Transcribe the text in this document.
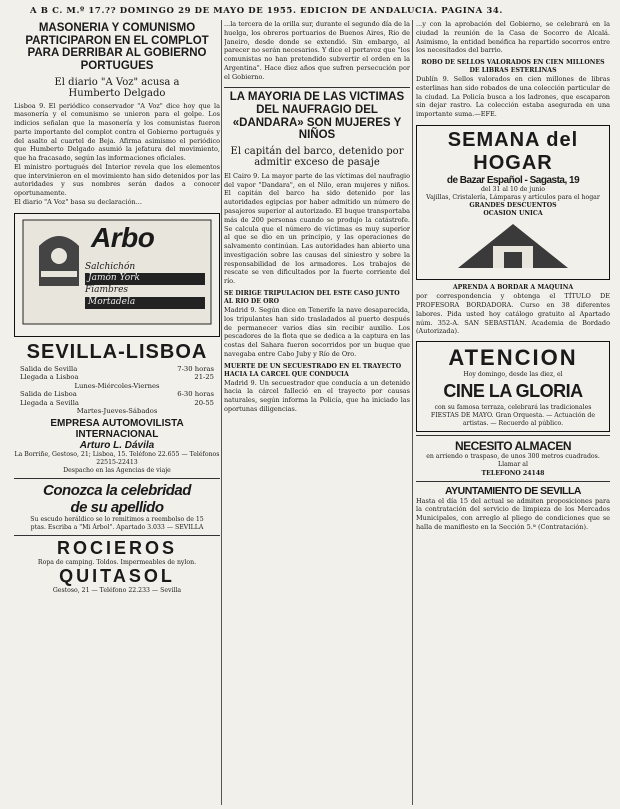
A B C. M.º 17.?? DOMINGO 29 DE MAYO DE 1955. EDICION DE ANDALUCIA. PAGINA 34.
MASONERIA Y COMUNISMO PARTICIPARON EN EL COMPLOT PARA DERRIBAR AL GOBIERNO PORTUGUES
El diario "A Voz" acusa a
Humberto Delgado
Lisboa 9. El periódico conservador "A Voz" dice hoy que la masonería y el comunismo se unieron para el golpe. Los indicios señalan que la masonería y los comunistas fueron parte importante del complot contra el Gobierno portugués y del asalto al cuartel de Beja. Afirma asimismo el periódico que Humberto Delgado asumió la jefatura del movimiento, que ha fracasado, según las informaciones oficiales.
El ministro portugués del Interior revela que los elementos que intervinieron en el movimiento han sido detenidos por las autoridades y sus nombres serán dados a conocer oportunamente.
El diario "A Voz" basa su declaración...
Arbo
Salchichón
Jamón York
Fiambres
Mortadela
SEVILLA-LISBOA
Salida de Sevilla	7-30 horas
Llegada a Lisboa	21-25
Lunes-Miércoles-Viernes
Salida de Lisboa	6-30 horas
Llegada a Sevilla	20-55
Martes-Jueves-Sábados
EMPRESA AUTOMOVILISTA
INTERNACIONAL
Arturo L. Dávila
La Borriñe, Gestoso, 21; Lisboa, 15. Teléfono 22.655 — Teléfonos 22515-22413
Despacho en las Agencias de viaje
Conozca la celebridad
de su apellido
Su escudo heráldico se lo remitimos a reembolso de 15 ptas. Escriba a "Mi Árbol". Apartado 3.033 — SEVILLA
ROCIEROS
Ropa de camping. Toldos. Impermeables de nylon.
QUITASOL
Gestoso, 21 — Teléfono 22.233 — Sevilla
...la tercera de la orilla sur, durante el segundo día de la huelga, los obreros portuarios de Buenos Aires, Rio de Janeiro, desde donde se extendió. Sin embargo, al parecer no serán necesarios. Y dice el portavoz que "los comunistas no han pretendido subvertir el orden en la Argentina". Hace diez años que sufren persecución por el Gobierno.
LA MAYORIA DE LAS VICTIMAS DEL NAUFRAGIO DEL «DANDARA» SON MUJERES Y NIÑOS
El capitán del barco, detenido por admitir exceso de pasaje
El Cairo 9. La mayor parte de las víctimas del naufragio del vapor "Dandara", en el Nilo, eran mujeres y niños. El capitán del barco ha sido detenido por las autoridades egipcias por haber admitido un número de pasajeros superior al autorizado. El buque transportaba más de 200 personas cuando se produjo la catástrofe. Se calcula que el número de víctimas es muy superior al que se dio en un principio, y las operaciones de salvamento continúan. Las autoridades han abierto una investigación sobre las causas del siniestro y sobre la responsabilidad de los armadores. Los trabajos de rescate se ven dificultados por la fuerte corriente del río.
SE DIRIGE TRIPULACION DEL ESTE CASO JUNTO AL RIO DE ORO
Madrid 9. Según dice en Tenerife la nave desaparecida, los tripulantes han sido trasladados al puerto después de permanecer varios días sin recibir auxilio. Los pescadores de la flota que se dedica a la captura en las costas del Sahara fueron socorridos por un buque que navegaba entre Cabo Juby y Río de Oro.
MUERTE DE UN SECUESTRADO EN EL TRAYECTO HACIA LA CARCEL QUE CONDUCIA
Madrid 9. Un secuestrador que conducía a un detenido hacia la cárcel falleció en el trayecto por causas naturales, según informa la Policía, que ha iniciado las oportunas diligencias.
...y con la aprobación del Gobierno, se celebrará en la ciudad la reunión de la Casa de Socorro de Alcalá. Asimismo, la entidad benéfica ha repartido socorros entre los necesitados del barrio.
ROBO DE SELLOS VALORADOS EN CIEN MILLONES DE LIBRAS ESTERLINAS
Dublín 9. Sellos valorados en cien millones de libras esterlinas han sido robados de una colección particular de la ciudad. La Policía busca a los ladrones, que escaparon sin dejar rastro. La colección estaba asegurada en una importante suma.—EFE.
SEMANA del HOGAR
de Bazar Español - Sagasta, 19
del 31 al 10 de junio
Vajillas, Cristalería, Lámparas y artículos para el hogar
GRANDES DESCUENTOS
OCASION UNICA
APRENDA A BORDAR A MAQUINA
por correspondencia y obtenga el TÍTULO DE PROFESORA BORDADORA. Curso en 38 diferentes labores. Pida usted hoy catálogo gratuito al Apartado núm. 352-A. SAN SEBASTIÁN. Academia de Bordado (Autorizada).
ATENCION
Hoy domingo, desde las diez, el
CINE LA GLORIA
con su famosa terraza, celebrará las tradicionales FIESTAS DE MAYO. Gran Orquesta. — Actuación de artistas. — Recuerdo al público.
NECESITO ALMACEN
en arriendo o traspaso, de unos 300 metros cuadrados. Llamar al
TELEFONO 24148
AYUNTAMIENTO DE SEVILLA
Hasta el día 15 del actual se admiten proposiciones para la contratación del servicio de limpieza de los Mercados Municipales, con arreglo al pliego de condiciones que se halla de manifiesto en la Sección 5.ª (Contratación).
